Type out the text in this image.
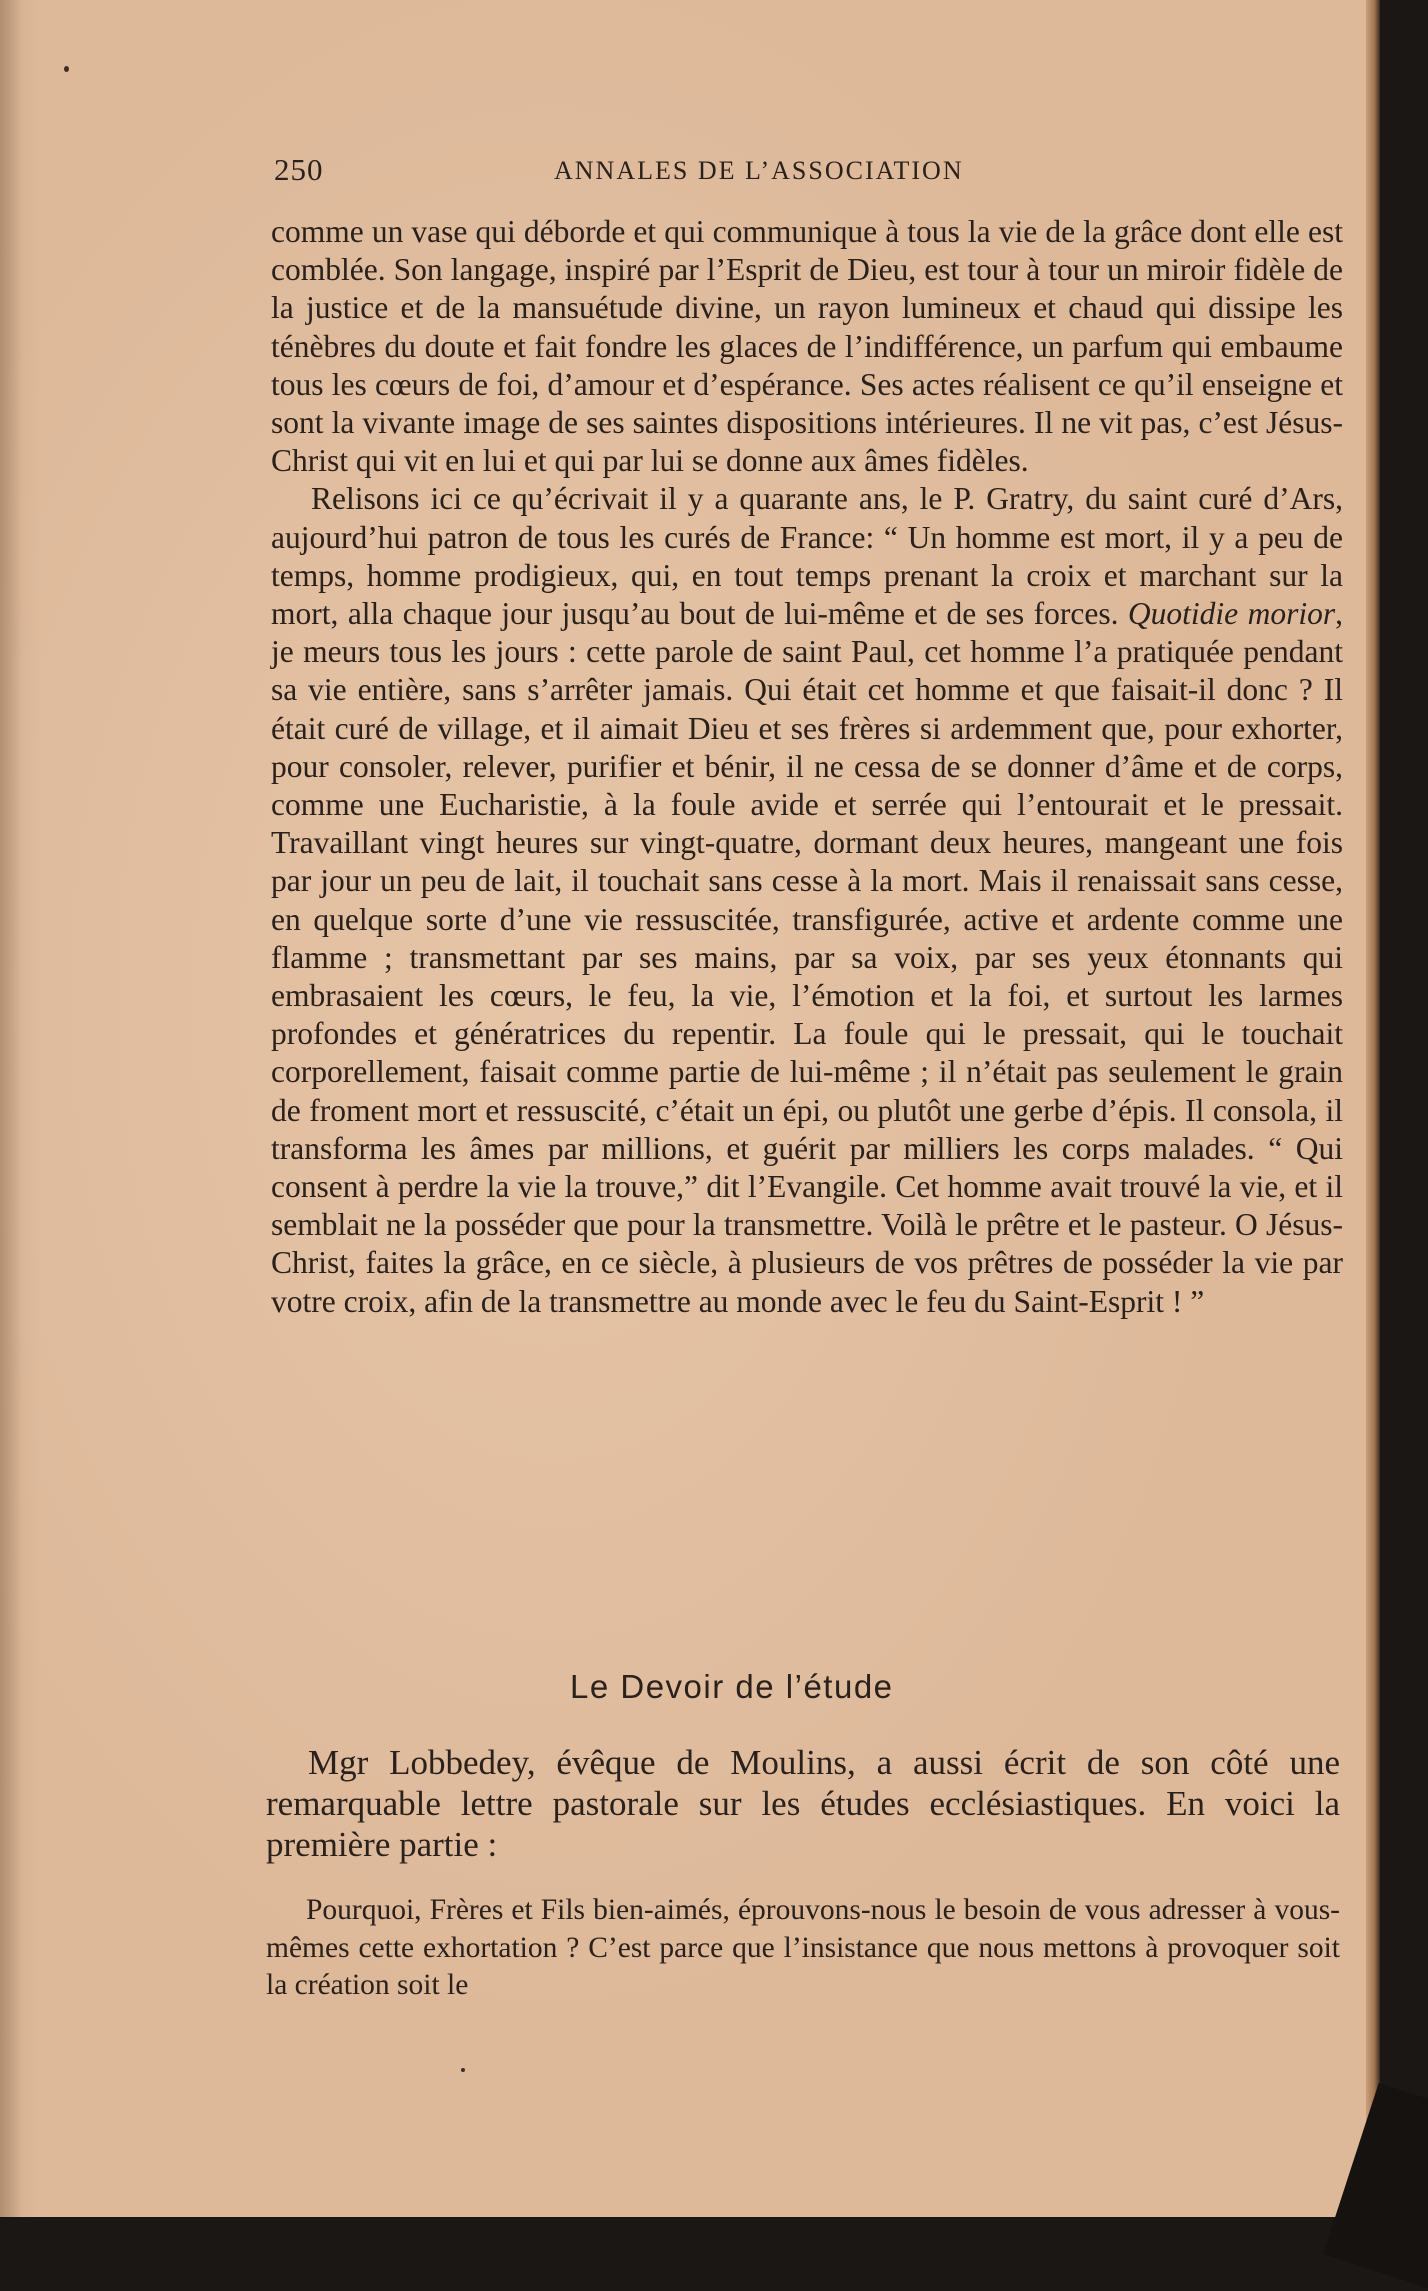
250	ANNALES DE L’ASSOCIATION

comme un vase qui déborde et qui communique à tous la vie de la grâce dont elle est comblée. Son langage, inspiré par l’Esprit de Dieu, est tour à tour un miroir fidèle de la justice et de la mansuétude divine, un rayon lumineux et chaud qui dissipe les ténèbres du doute et fait fondre les glaces de l’indifférence, un parfum qui embaume tous les cœurs de foi, d’amour et d’espérance. Ses actes réalisent ce qu’il enseigne et sont la vivante image de ses saintes dispositions intérieures. Il ne vit pas, c’est Jésus-Christ qui vit en lui et qui par lui se donne aux âmes fidèles.

Relisons ici ce qu’écrivait il y a quarante ans, le P. Gratry, du saint curé d’Ars, aujourd’hui patron de tous les curés de France: “ Un homme est mort, il y a peu de temps, homme prodigieux, qui, en tout temps prenant la croix et marchant sur la mort, alla chaque jour jusqu’au bout de lui-même et de ses forces. Quotidie morior, je meurs tous les jours : cette parole de saint Paul, cet homme l’a pratiquée pendant sa vie entière, sans s’arrêter jamais. Qui était cet homme et que faisait-il donc ? Il était curé de village, et il aimait Dieu et ses frères si ardemment que, pour exhorter, pour consoler, relever, purifier et bénir, il ne cessa de se donner d’âme et de corps, comme une Eucharistie, à la foule avide et serrée qui l’entourait et le pressait. Travaillant vingt heures sur vingt-quatre, dormant deux heures, mangeant une fois par jour un peu de lait, il touchait sans cesse à la mort. Mais il renaissait sans cesse, en quelque sorte d’une vie ressuscitée, transfigurée, active et ardente comme une flamme ; transmettant par ses mains, par sa voix, par ses yeux étonnants qui embrasaient les cœurs, le feu, la vie, l’émotion et la foi, et surtout les larmes profondes et génératrices du repentir. La foule qui le pressait, qui le touchait corporellement, faisait comme partie de lui-même ; il n’était pas seulement le grain de froment mort et ressuscité, c’était un épi, ou plutôt une gerbe d’épis. Il consola, il transforma les âmes par millions, et guérit par milliers les corps malades. “ Qui consent à perdre la vie la trouve,” dit l’Evangile. Cet homme avait trouvé la vie, et il semblait ne la posséder que pour la transmettre. Voilà le prêtre et le pasteur. O Jésus-Christ, faites la grâce, en ce siècle, à plusieurs de vos prêtres de posséder la vie par votre croix, afin de la transmettre au monde avec le feu du Saint-Esprit ! ”

Le Devoir de l’étude

Mgr Lobbedey, évêque de Moulins, a aussi écrit de son côté une remarquable lettre pastorale sur les études ecclésiastiques. En voici la première partie :

Pourquoi, Frères et Fils bien-aimés, éprouvons-nous le besoin de vous adresser à vous-mêmes cette exhortation ? C’est parce que l’insistance que nous mettons à provoquer soit la création soit le
